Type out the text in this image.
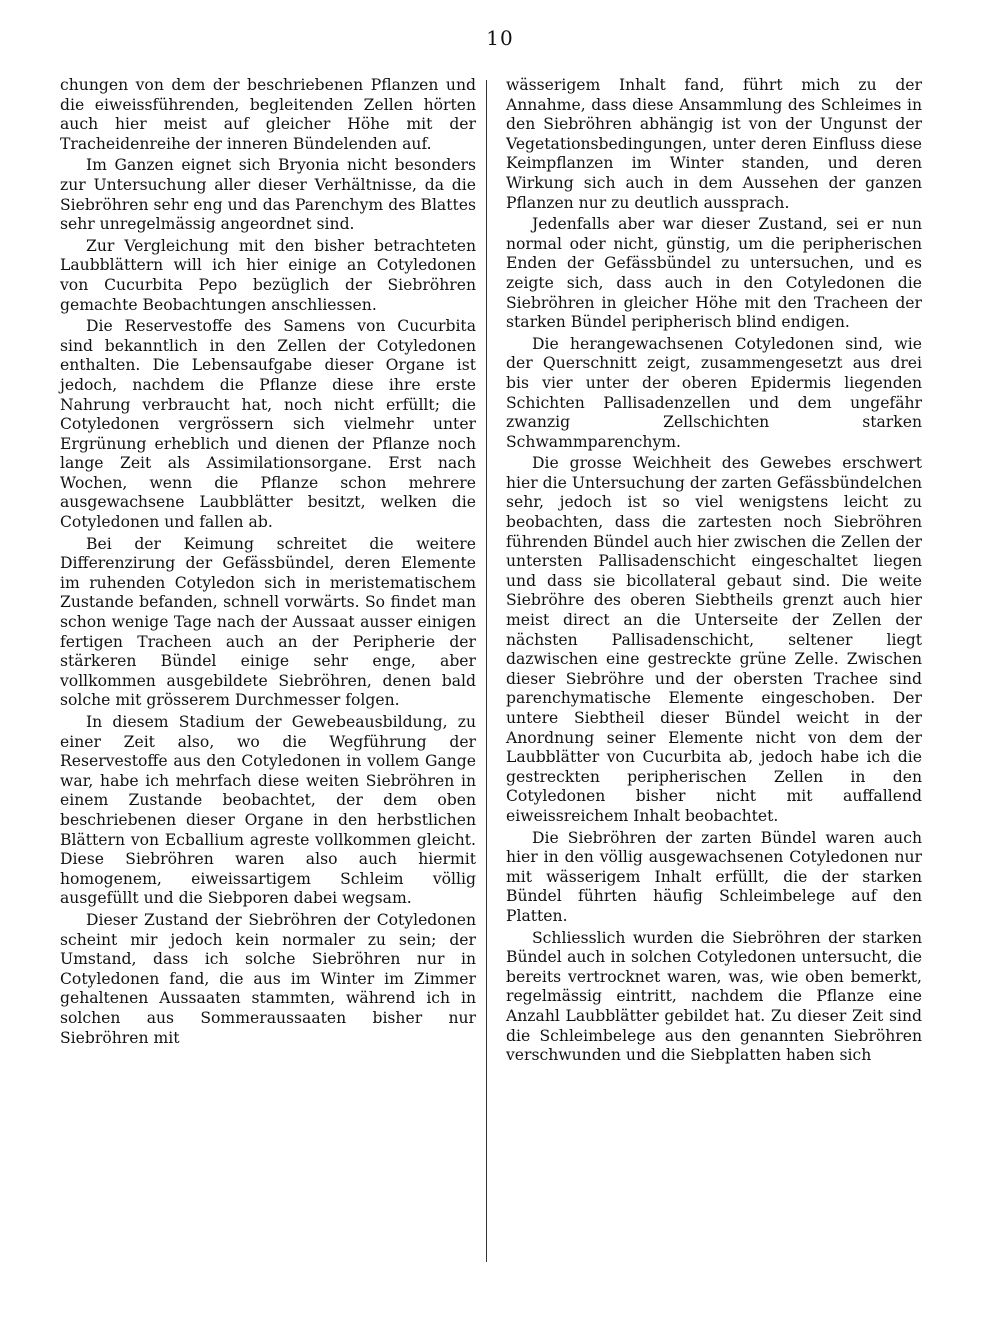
10

chungen von dem der beschriebenen Pflanzen und die eiweissführenden, begleitenden Zellen hörten auch hier meist auf gleicher Höhe mit der Tracheidenreihe der inneren Bündelenden auf.

Im Ganzen eignet sich Bryonia nicht besonders zur Untersuchung aller dieser Verhältnisse, da die Siebröhren sehr eng und das Parenchym des Blattes sehr unregelmässig angeordnet sind.

Zur Vergleichung mit den bisher betrachteten Laubblättern will ich hier einige an Cotyledonen von Cucurbita Pepo bezüglich der Siebröhren gemachte Beobachtungen anschliessen.

Die Reservestoffe des Samens von Cucurbita sind bekanntlich in den Zellen der Cotyledonen enthalten. Die Lebensaufgabe dieser Organe ist jedoch, nachdem die Pflanze diese ihre erste Nahrung verbraucht hat, noch nicht erfüllt; die Cotyledonen vergrössern sich vielmehr unter Ergrünung erheblich und dienen der Pflanze noch lange Zeit als Assimilationsorgane. Erst nach Wochen, wenn die Pflanze schon mehrere ausgewachsene Laubblätter besitzt, welken die Cotyledonen und fallen ab.

Bei der Keimung schreitet die weitere Differenzirung der Gefässbündel, deren Elemente im ruhenden Cotyledon sich in meristematischem Zustande befanden, schnell vorwärts. So findet man schon wenige Tage nach der Aussaat ausser einigen fertigen Tracheen auch an der Peripherie der stärkeren Bündel einige sehr enge, aber vollkommen ausgebildete Siebröhren, denen bald solche mit grösserem Durchmesser folgen.

In diesem Stadium der Gewebeausbildung, zu einer Zeit also, wo die Wegführung der Reservestoffe aus den Cotyledonen in vollem Gange war, habe ich mehrfach diese weiten Siebröhren in einem Zustande beobachtet, der dem oben beschriebenen dieser Organe in den herbstlichen Blättern von Ecballium agreste vollkommen gleicht. Diese Siebröhren waren also auch hiermit homogenem, eiweissartigem Schleim völlig ausgefüllt und die Siebporen dabei wegsam.

Dieser Zustand der Siebröhren der Cotyledonen scheint mir jedoch kein normaler zu sein; der Umstand, dass ich solche Siebröhren nur in Cotyledonen fand, die aus im Winter im Zimmer gehaltenen Aussaaten stammten, während ich in solchen aus Sommeraussaaten bisher nur Siebröhren mit

wässerigem Inhalt fand, führt mich zu der Annahme, dass diese Ansammlung des Schleimes in den Siebröhren abhängig ist von der Ungunst der Vegetationsbedingungen, unter deren Einfluss diese Keimpflanzen im Winter standen, und deren Wirkung sich auch in dem Aussehen der ganzen Pflanzen nur zu deutlich aussprach.

Jedenfalls aber war dieser Zustand, sei er nun normal oder nicht, günstig, um die peripherischen Enden der Gefässbündel zu untersuchen, und es zeigte sich, dass auch in den Cotyledonen die Siebröhren in gleicher Höhe mit den Tracheen der starken Bündel peripherisch blind endigen.

Die herangewachsenen Cotyledonen sind, wie der Querschnitt zeigt, zusammengesetzt aus drei bis vier unter der oberen Epidermis liegenden Schichten Pallisadenzellen und dem ungefähr zwanzig Zellschichten starken Schwammparenchym.

Die grosse Weichheit des Gewebes erschwert hier die Untersuchung der zarten Gefässbündelchen sehr, jedoch ist so viel wenigstens leicht zu beobachten, dass die zartesten noch Siebröhren führenden Bündel auch hier zwischen die Zellen der untersten Pallisadenschicht eingeschaltet liegen und dass sie bicollateral gebaut sind. Die weite Siebröhre des oberen Siebtheils grenzt auch hier meist direct an die Unterseite der Zellen der nächsten Pallisadenschicht, seltener liegt dazwischen eine gestreckte grüne Zelle. Zwischen dieser Siebröhre und der obersten Trachee sind parenchymatische Elemente eingeschoben. Der untere Siebtheil dieser Bündel weicht in der Anordnung seiner Elemente nicht von dem der Laubblätter von Cucurbita ab, jedoch habe ich die gestreckten peripherischen Zellen in den Cotyledonen bisher nicht mit auffallend eiweissreichem Inhalt beobachtet.

Die Siebröhren der zarten Bündel waren auch hier in den völlig ausgewachsenen Cotyledonen nur mit wässerigem Inhalt erfüllt, die der starken Bündel führten häufig Schleimbelege auf den Platten.

Schliesslich wurden die Siebröhren der starken Bündel auch in solchen Cotyledonen untersucht, die bereits vertrocknet waren, was, wie oben bemerkt, regelmässig eintritt, nachdem die Pflanze eine Anzahl Laubblätter gebildet hat. Zu dieser Zeit sind die Schleimbelege aus den genannten Siebröhren verschwunden und die Siebplatten haben sich
